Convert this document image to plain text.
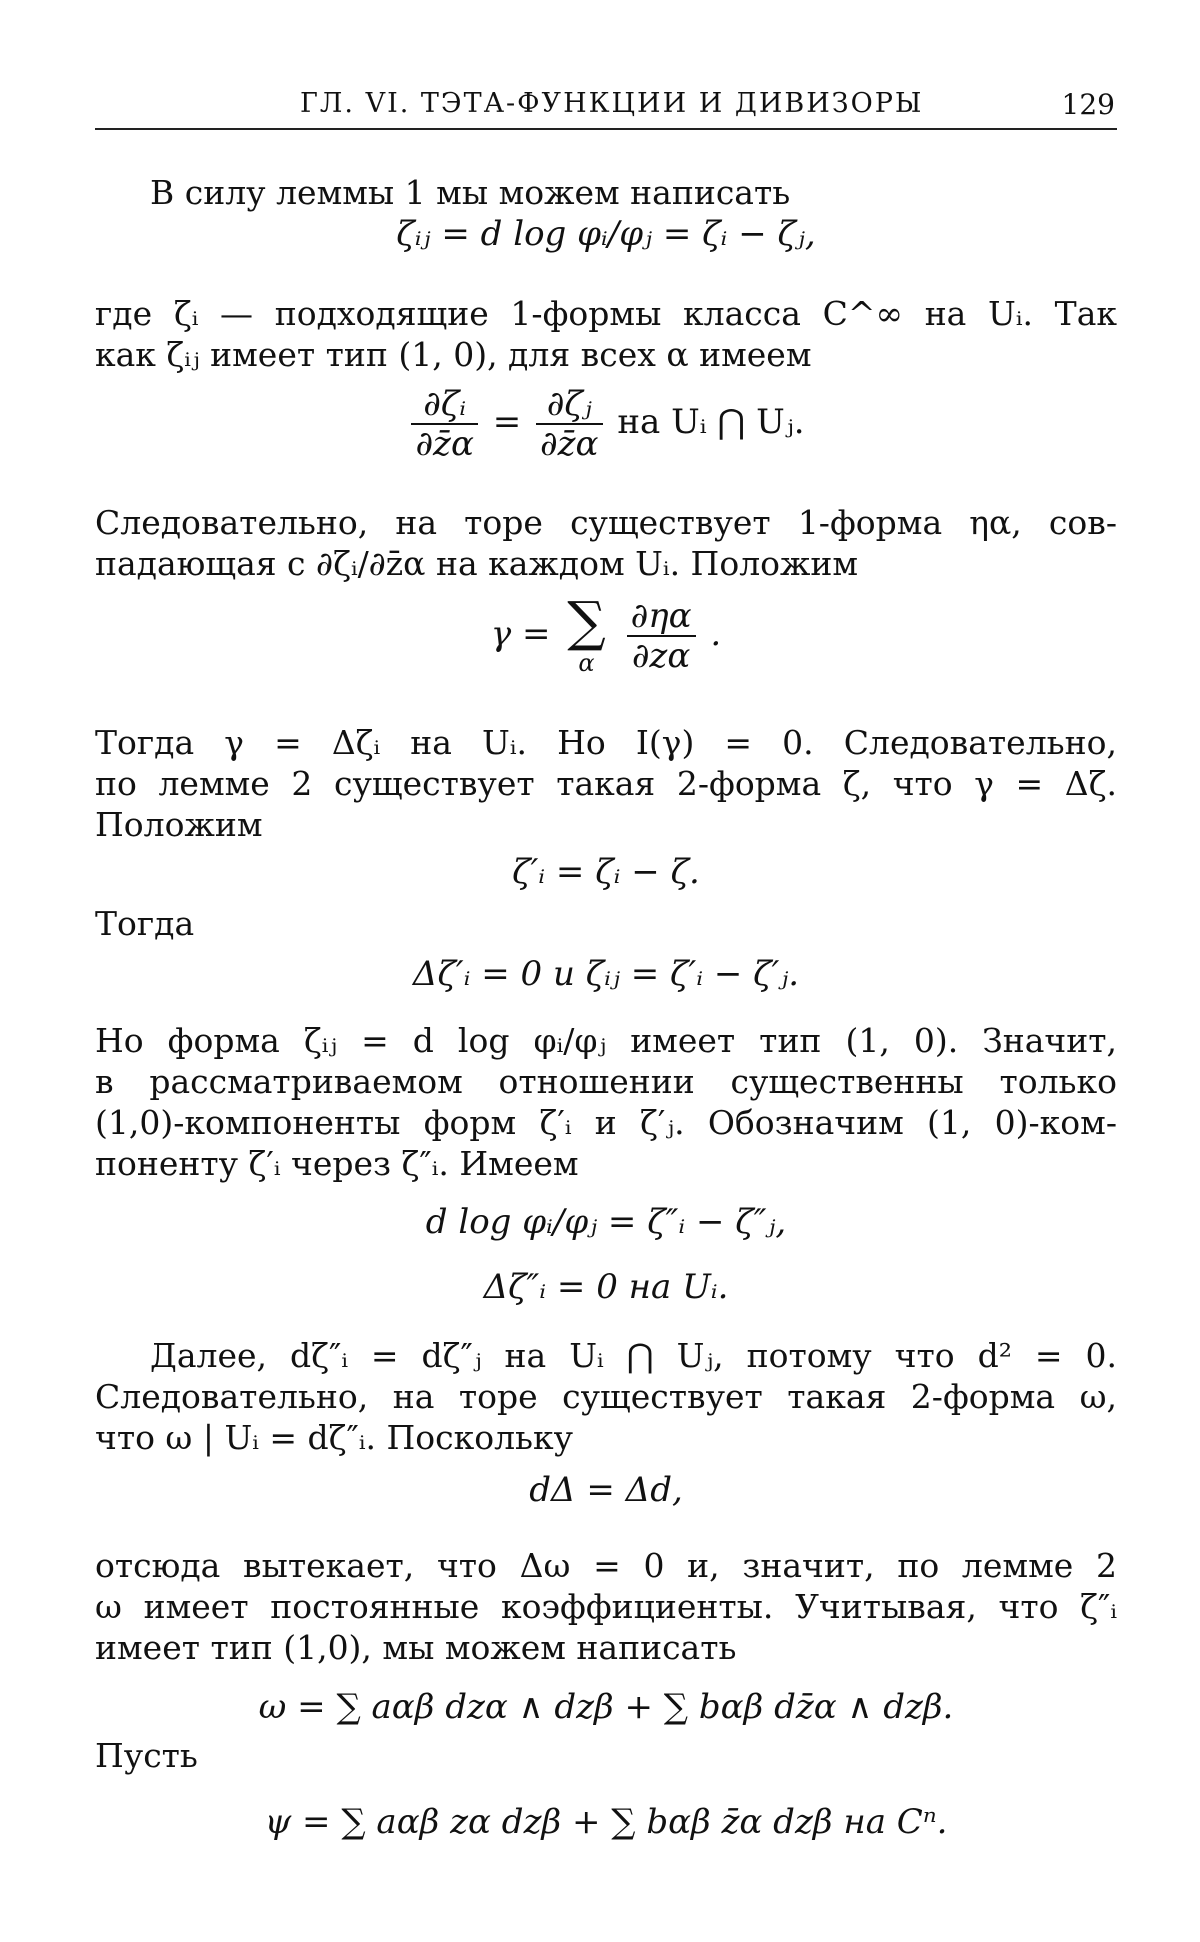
ГЛ. VI. ТЭТА-ФУНКЦИИ И ДИВИЗОРЫ	129
В силу леммы 1 мы можем написать
ζᵢⱼ = d log φᵢ/φⱼ = ζᵢ − ζⱼ,
где ζᵢ — подходящие 1-формы класса C^∞ на Uᵢ. Так
как ζᵢⱼ имеет тип (1, 0), для всех α имеем
$\frac{\text{∂ζᵢ}}{\partial z̄\alpha} = \frac{\text{∂ζⱼ}}{\partial z̄\alpha}$ на Uᵢ ⋂ Uⱼ.
Следовательно, на торе существует 1-форма ηα, сов-
падающая с ∂ζᵢ/∂z̄α на каждом Uᵢ. Положим
γ = ∑
α
$\frac{\partial\eta\alpha}{\partial z\alpha}$ .
Тогда γ = Δζᵢ на Uᵢ. Но I(γ) = 0. Следовательно,
по лемме 2 существует такая 2-форма ζ, что γ = Δζ.
Положим
ζ′ᵢ = ζᵢ − ζ.
Тогда
Δζ′ᵢ = 0 и ζᵢⱼ = ζ′ᵢ − ζ′ⱼ.
Но форма ζᵢⱼ = d log φᵢ/φⱼ имеет тип (1, 0). Значит,
в рассматриваемом отношении существенны только
(1,0)-компоненты форм ζ′ᵢ и ζ′ⱼ. Обозначим (1, 0)-ком-
поненту ζ′ᵢ через ζ″ᵢ. Имеем
d log φᵢ/φⱼ = ζ″ᵢ − ζ″ⱼ,
Δζ″ᵢ = 0 на Uᵢ.
Далее, dζ″ᵢ = dζ″ⱼ на Uᵢ ⋂ Uⱼ, потому что d² = 0.
Следовательно, на торе существует такая 2-форма ω,
что ω | Uᵢ = dζ″ᵢ. Поскольку
dΔ = Δd,
отсюда вытекает, что Δω = 0 и, значит, по лемме 2
ω имеет постоянные коэффициенты. Учитывая, что ζ″ᵢ
имеет тип (1,0), мы можем написать
ω = ∑ aαβ dzα ∧ dzβ + ∑ bαβ dz̄α ∧ dzβ.
Пусть
ψ = ∑ aαβ zα dzβ + ∑ bαβ z̄α dzβ на Cⁿ.
